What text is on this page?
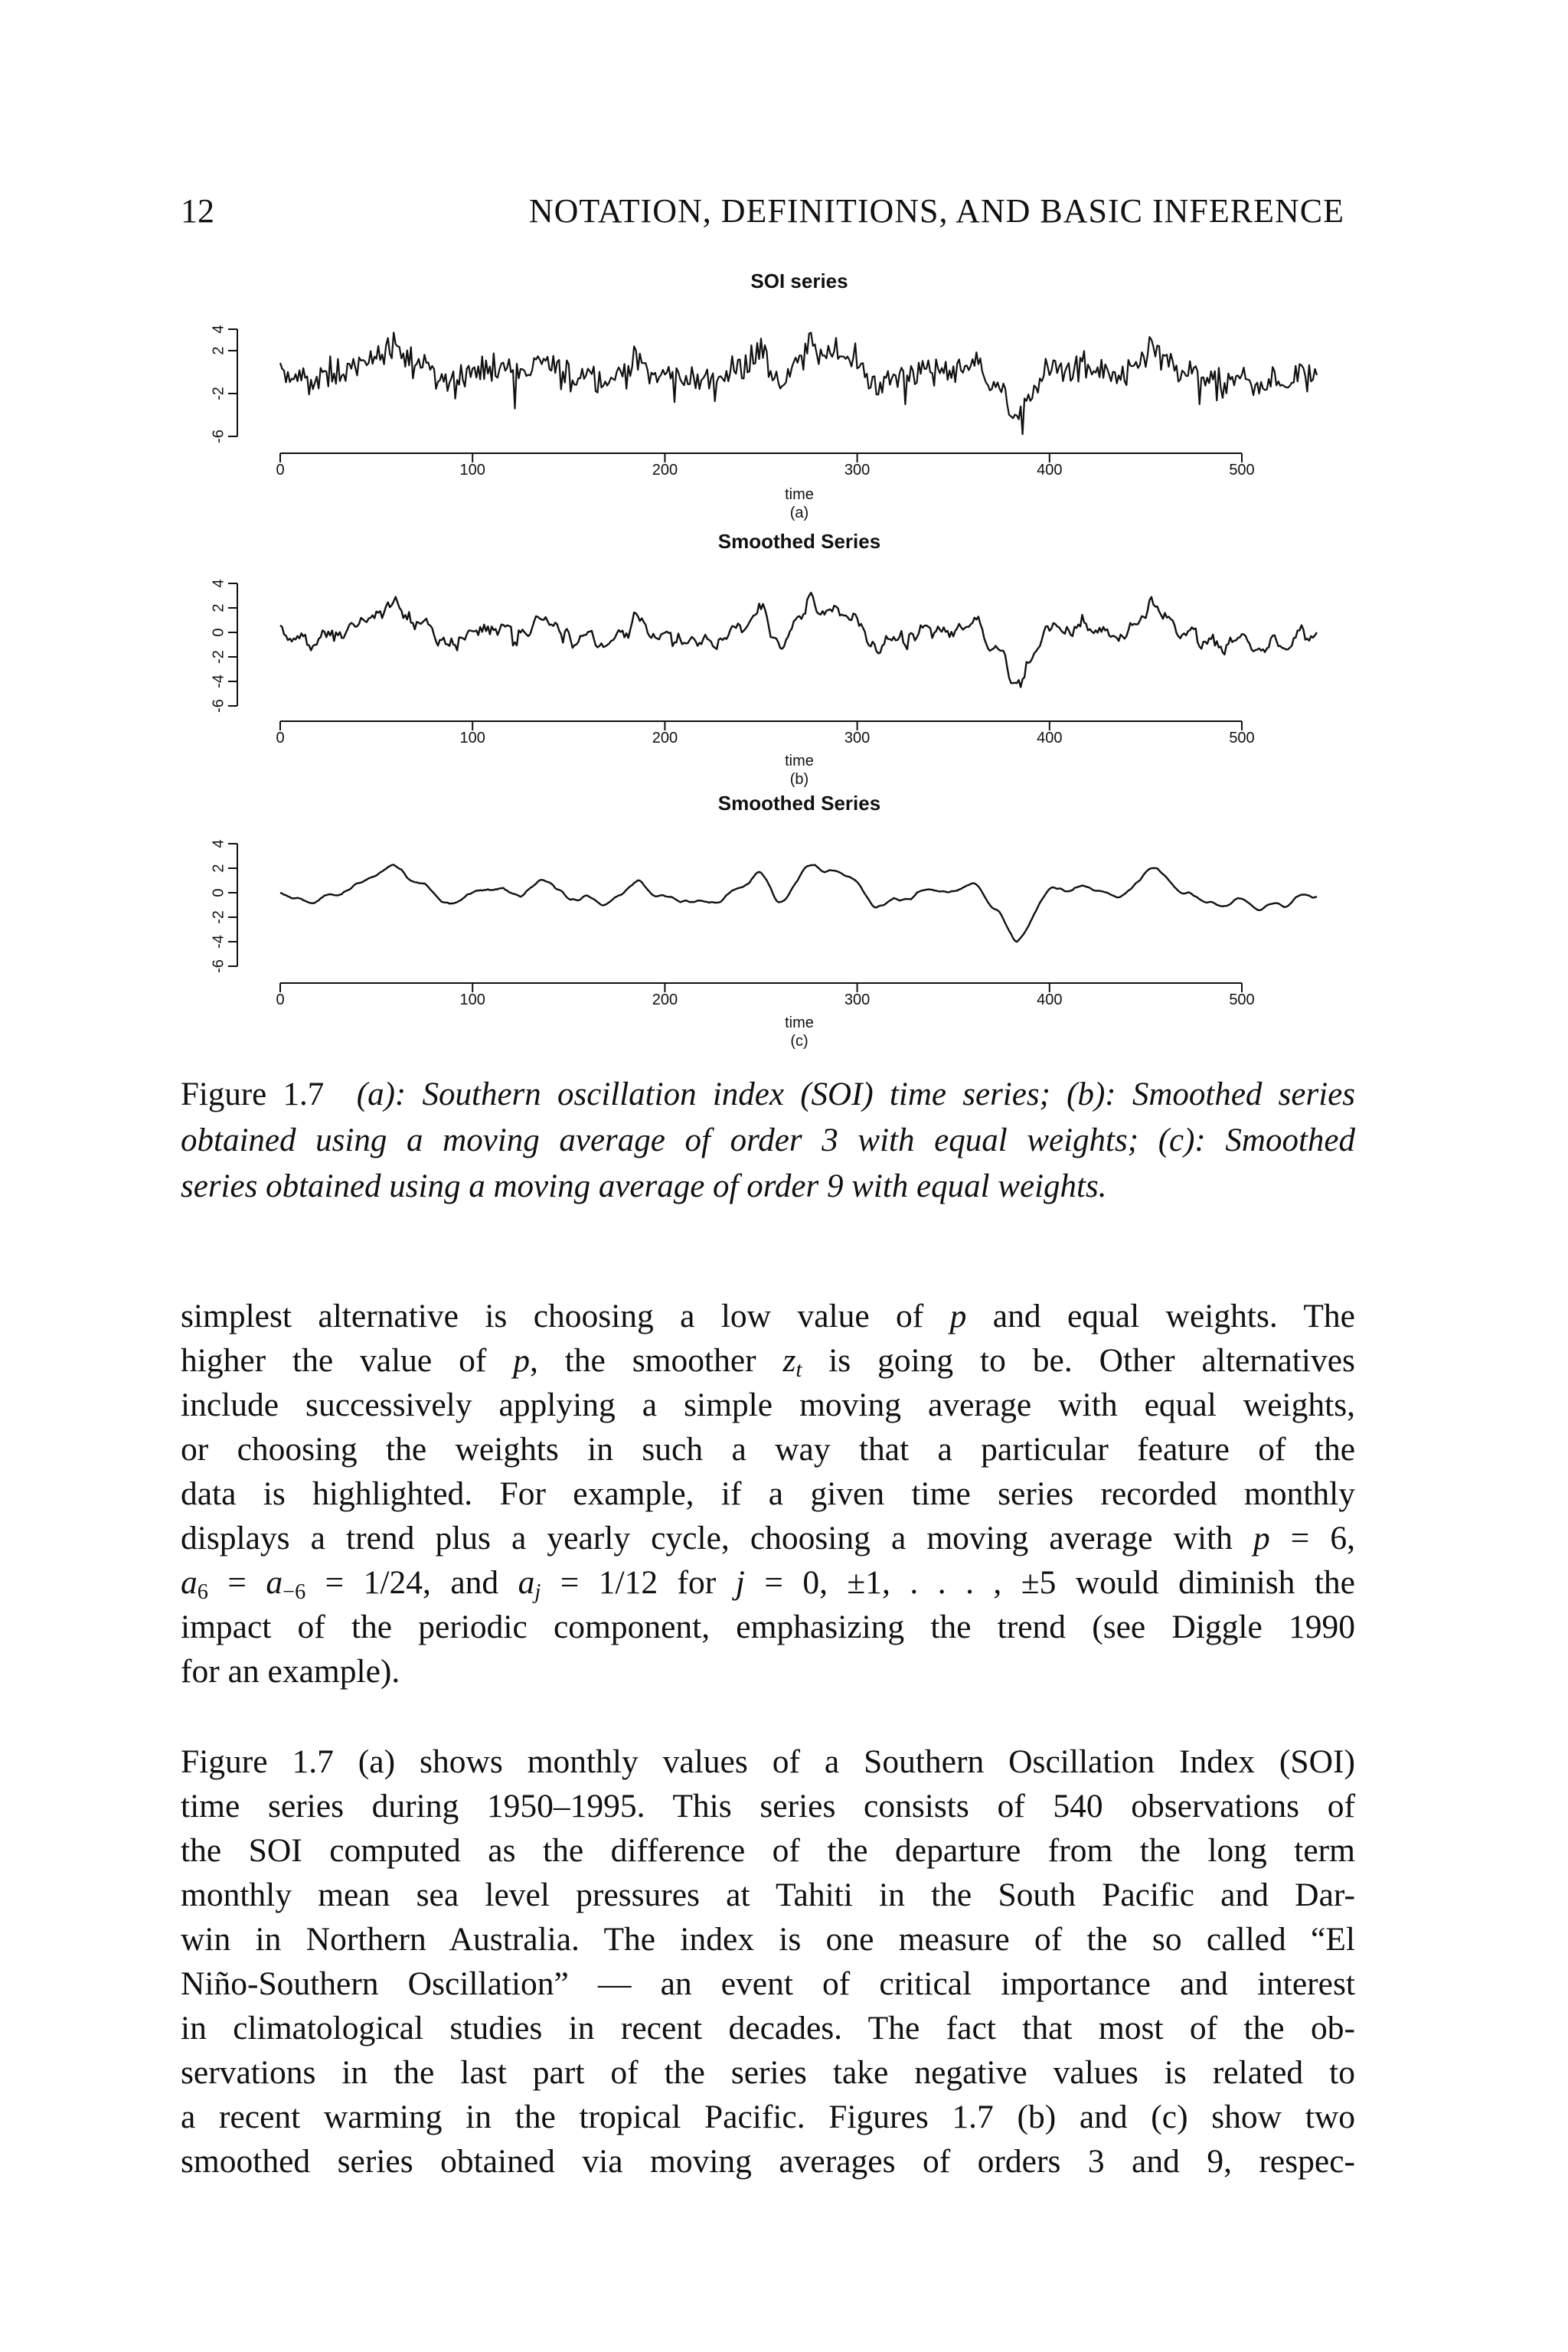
12	NOTATION, DEFINITIONS, AND BASIC INFERENCE
SOI series
-6
-2
2
4
0	100	200	300	400	500
time
(a)
Smoothed Series
-6
-4
-2
0
2
4
0	100	200	300	400	500
time
(b)
Smoothed Series
-6
-4
-2
0
2
4
0	100	200	300	400	500
time
(c)
Figure 1.7 (a): Southern oscillation index (SOI) time series; (b): Smoothed series
obtained using a moving average of order 3 with equal weights; (c): Smoothed
series obtained using a moving average of order 9 with equal weights.
simplest alternative is choosing a low value of p and equal weights. The
higher the value of p, the smoother $z_t$ is going to be. Other alternatives
include successively applying a simple moving average with equal weights,
or choosing the weights in such a way that a particular feature of the
data is highlighted. For example, if a given time series recorded monthly
displays a trend plus a yearly cycle, choosing a moving average with p = 6,
$a_6 = a_{-6} = 1/24$, and $a_j = 1/12$ for j = 0, ±1, . . . , ±5 would diminish the
impact of the periodic component, emphasizing the trend (see Diggle 1990
for an example).
Figure 1.7 (a) shows monthly values of a Southern Oscillation Index (SOI)
time series during 1950–1995. This series consists of 540 observations of
the SOI computed as the difference of the departure from the long term
monthly mean sea level pressures at Tahiti in the South Pacific and Dar-
win in Northern Australia. The index is one measure of the so called “El
Niño-Southern Oscillation” — an event of critical importance and interest
in climatological studies in recent decades. The fact that most of the ob-
servations in the last part of the series take negative values is related to
a recent warming in the tropical Pacific. Figures 1.7 (b) and (c) show two
smoothed series obtained via moving averages of orders 3 and 9, respec-
